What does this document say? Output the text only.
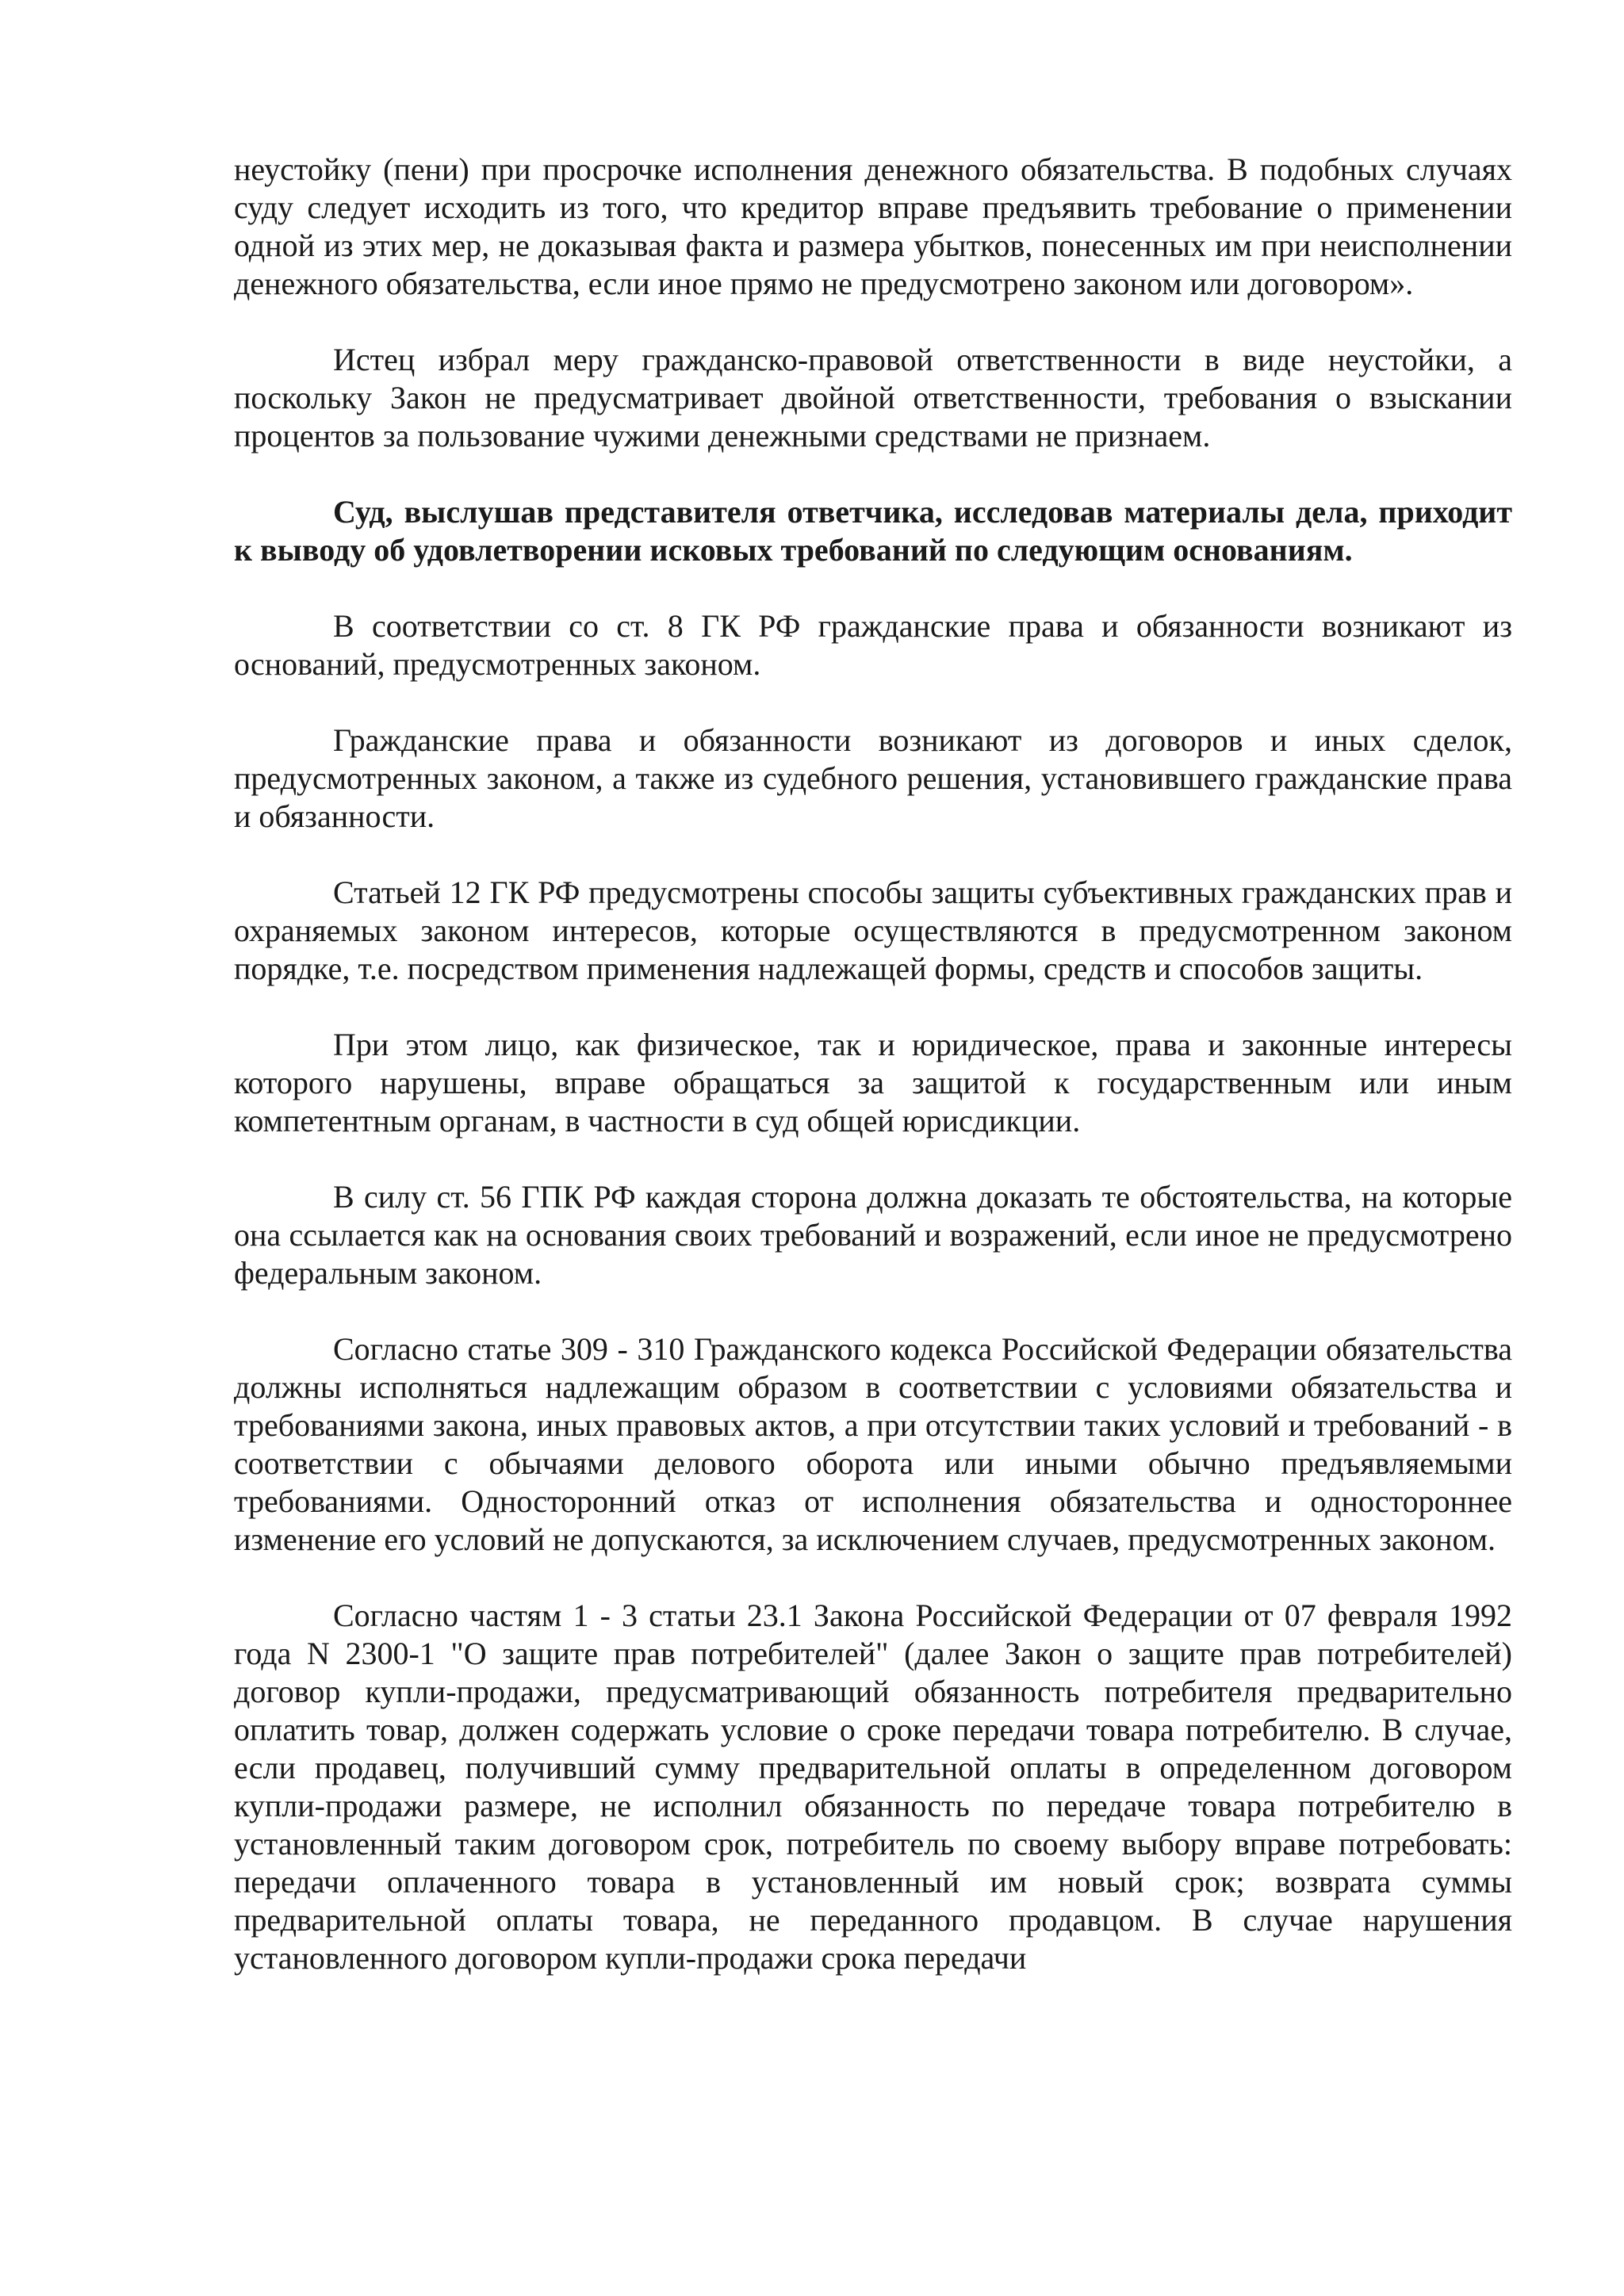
неустойку (пени) при просрочке исполнения денежного обязательства. В подобных случаях суду следует исходить из того, что кредитор вправе предъявить требование о применении одной из этих мер, не доказывая факта и размера убытков, понесенных им при неисполнении денежного обязательства, если иное прямо не предусмотрено законом или договором».

Истец избрал меру гражданско-правовой ответственности в виде неустойки, а поскольку Закон не предусматривает двойной ответственности, требования о взыскании процентов за пользование чужими денежными средствами не признаем.

Суд, выслушав представителя ответчика, исследовав материалы дела, приходит к выводу об удовлетворении исковых требований по следующим основаниям.

В соответствии со ст. 8 ГК РФ гражданские права и обязанности возникают из оснований, предусмотренных законом.

Гражданские права и обязанности возникают из договоров и иных сделок, предусмотренных законом, а также из судебного решения, установившего гражданские права и обязанности.

Статьей 12 ГК РФ предусмотрены способы защиты субъективных гражданских прав и охраняемых законом интересов, которые осуществляются в предусмотренном законом порядке, т.е. посредством применения надлежащей формы, средств и способов защиты.

При этом лицо, как физическое, так и юридическое, права и законные интересы которого нарушены, вправе обращаться за защитой к государственным или иным компетентным органам, в частности в суд общей юрисдикции.

В силу ст. 56 ГПК РФ каждая сторона должна доказать те обстоятельства, на которые она ссылается как на основания своих требований и возражений, если иное не предусмотрено федеральным законом.

Согласно статье 309 - 310 Гражданского кодекса Российской Федерации обязательства должны исполняться надлежащим образом в соответствии с условиями обязательства и требованиями закона, иных правовых актов, а при отсутствии таких условий и требований - в соответствии с обычаями делового оборота или иными обычно предъявляемыми требованиями. Односторонний отказ от исполнения обязательства и одностороннее изменение его условий не допускаются, за исключением случаев, предусмотренных законом.

Согласно частям 1 - 3 статьи 23.1 Закона Российской Федерации от 07 февраля 1992 года N 2300-1 "О защите прав потребителей" (далее Закон о защите прав потребителей) договор купли-продажи, предусматривающий обязанность потребителя предварительно оплатить товар, должен содержать условие о сроке передачи товара потребителю. В случае, если продавец, получивший сумму предварительной оплаты в определенном договором купли-продажи размере, не исполнил обязанность по передаче товара потребителю в установленный таким договором срок, потребитель по своему выбору вправе потребовать: передачи оплаченного товара в установленный им новый срок; возврата суммы предварительной оплаты товара, не переданного продавцом. В случае нарушения установленного договором купли-продажи срока передачи
